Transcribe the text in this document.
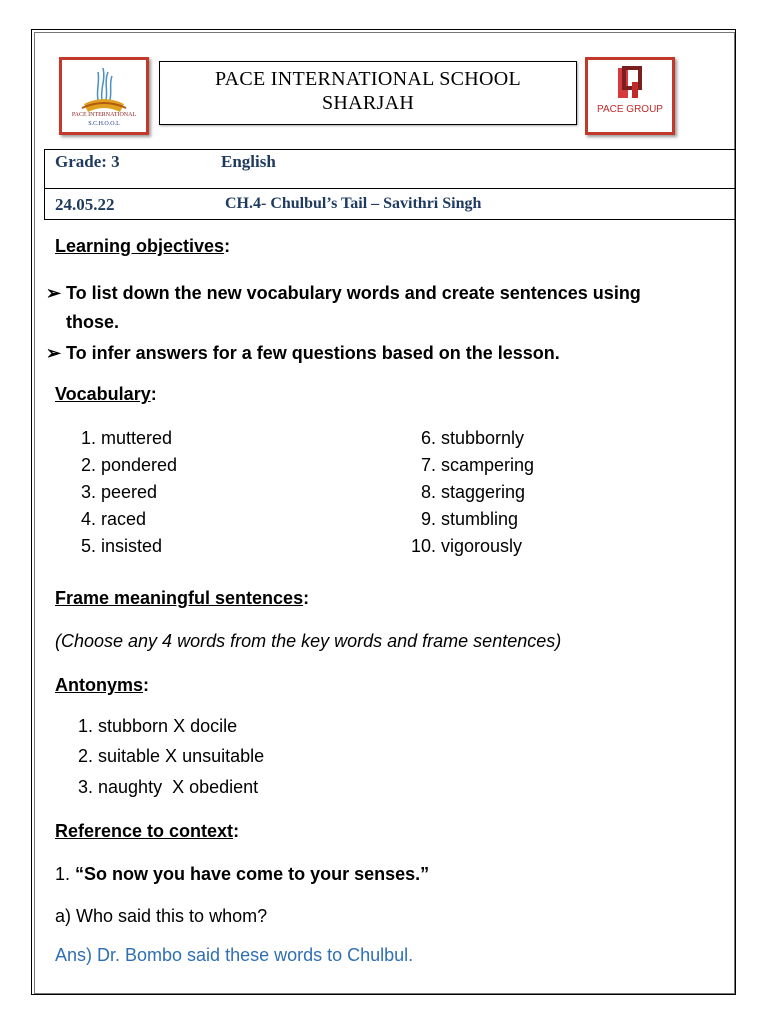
PACE INTERNATIONAL
S.C.H.O.O.L
PACE INTERNATIONAL SCHOOL
SHARJAH	PACE GROUP
Grade: 3	English
24.05.22	CH.4- Chulbul’s Tail – Savithri Singh
Learning objectives:
➢ To list down the new vocabulary words and create sentences using
those.
➢ To infer answers for a few questions based on the lesson.
Vocabulary:
1. muttered
2. pondered
3. peered
4. raced
5. insisted
6. stubbornly
7. scampering
8. staggering
9. stumbling
10. vigorously
Frame meaningful sentences:
(Choose any 4 words from the key words and frame sentences)
Antonyms:
1. stubborn X docile
2. suitable X unsuitable
3. naughty  X obedient
Reference to context:
1. “So now you have come to your senses.”
a) Who said this to whom?
Ans) Dr. Bombo said these words to Chulbul.
